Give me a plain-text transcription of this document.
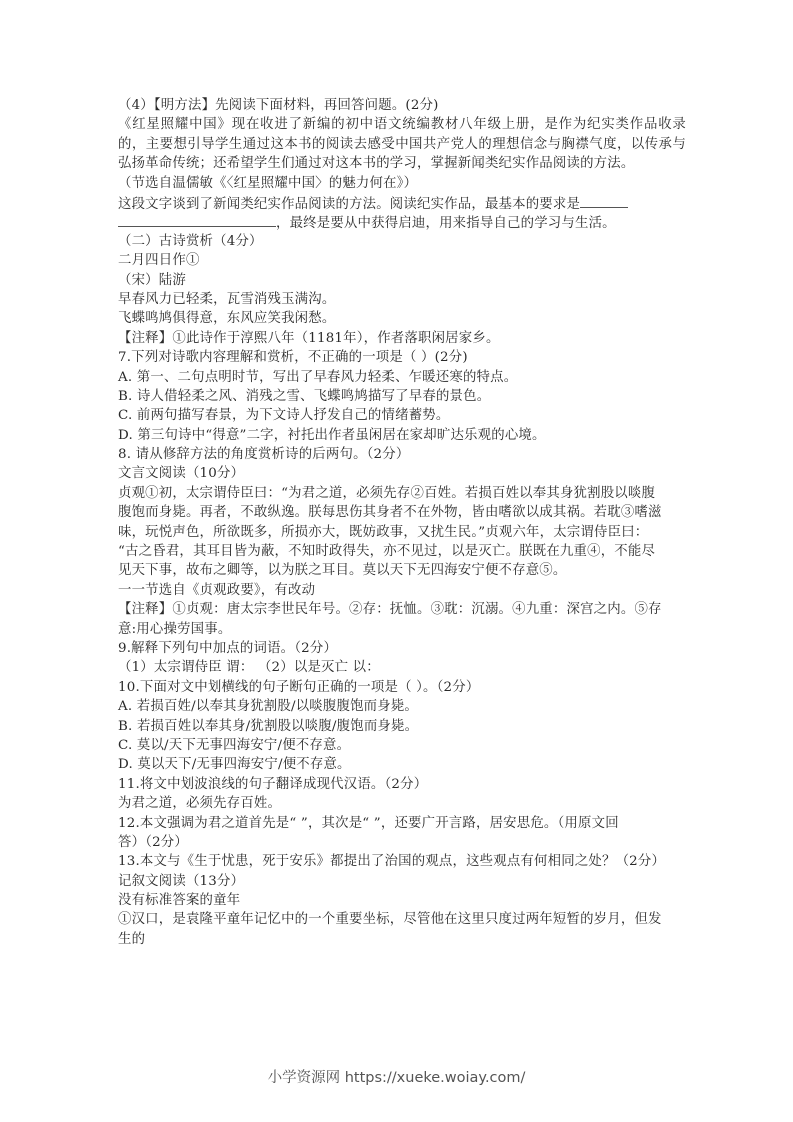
（4）【明方法】先阅读下面材料，再回答问题。(2分)
《红星照耀中国》现在收进了新编的初中语文统编教材八年级上册，是作为纪实类作品收录的，主要想引导学生通过这本书的阅读去感受中国共产党人的理想信念与胸襟气度，以传承与弘扬革命传统；还希望学生们通过对这本书的学习，掌握新闻类纪实作品阅读的方法。
（节选自温儒敏《〈红星照耀中国〉的魅力何在》）
这段文字谈到了新闻类纪实作品阅读的方法。阅读纪实作品，最基本的要求是
，最终是要从中获得启迪，用来指导自己的学习与生活。
（二）古诗赏析（4分）
二月四日作①
（宋）陆游
早春风力已轻柔，瓦雪消残玉满沟。
飞蝶鸣鸠俱得意，东风应笑我闲愁。
【注释】①此诗作于淳熙八年（1181年），作者落职闲居家乡。
7.下列对诗歌内容理解和赏析，不正确的一项是（ ）(2分)
A. 第一、二句点明时节，写出了早春风力轻柔、乍暖还寒的特点。
B. 诗人借轻柔之风、消残之雪、飞蝶鸣鸠描写了早春的景色。
C. 前两句描写春景，为下文诗人抒发自己的情绪蓄势。
D. 第三句诗中“得意”二字，衬托出作者虽闲居在家却旷达乐观的心境。
8. 请从修辞方法的角度赏析诗的后两句。（2分）
文言文阅读（10分）
贞观①初，太宗谓侍臣曰：“为君之道，必须先存②百姓。若损百姓以奉其身犹割股以啖腹
腹饱而身毙。再者，不敢纵逸。朕每思伤其身者不在外物，皆由嗜欲以成其祸。若耽③嗜滋
味，玩悦声色，所欲既多，所损亦大，既妨政事，又扰生民。”贞观六年，太宗谓侍臣曰：
“古之昏君，其耳目皆为蔽，不知时政得失，亦不见过，以是灭亡。朕既在九重④，不能尽
见天下事，故布之卿等，以为朕之耳目。莫以天下无四海安宁便不存意⑤。
一一节选自《贞观政要》，有改动
【注释】①贞观：唐太宗李世民年号。②存：抚恤。③耽：沉溺。④九重：深宫之内。⑤存
意:用心操劳国事。
9.解释下列句中加点的词语。（2分）
（1）太宗谓侍臣 谓： （2）以是灭亡 以：
10.下面对文中划横线的句子断句正确的一项是（ ）。（2分）
A. 若损百姓/以奉其身犹割股/以啖腹腹饱而身毙。
B. 若损百姓以奉其身/犹割股以啖腹/腹饱而身毙。
C. 莫以/天下无事四海安宁/便不存意。
D. 莫以天下/无事四海安宁/便不存意。
11.将文中划波浪线的句子翻译成现代汉语。（2分）
为君之道，必须先存百姓。
12.本文强调为君之道首先是“ ”，其次是“ ”，还要广开言路，居安思危。（用原文回
答）（2分）
13.本文与《生于忧患，死于安乐》都提出了治国的观点，这些观点有何相同之处？（2分）
记叙文阅读（13分）
没有标准答案的童年
①汉口，是袁隆平童年记忆中的一个重要坐标，尽管他在这里只度过两年短暂的岁月，但发
生的
小学资源网 https://xueke.woiay.com/
